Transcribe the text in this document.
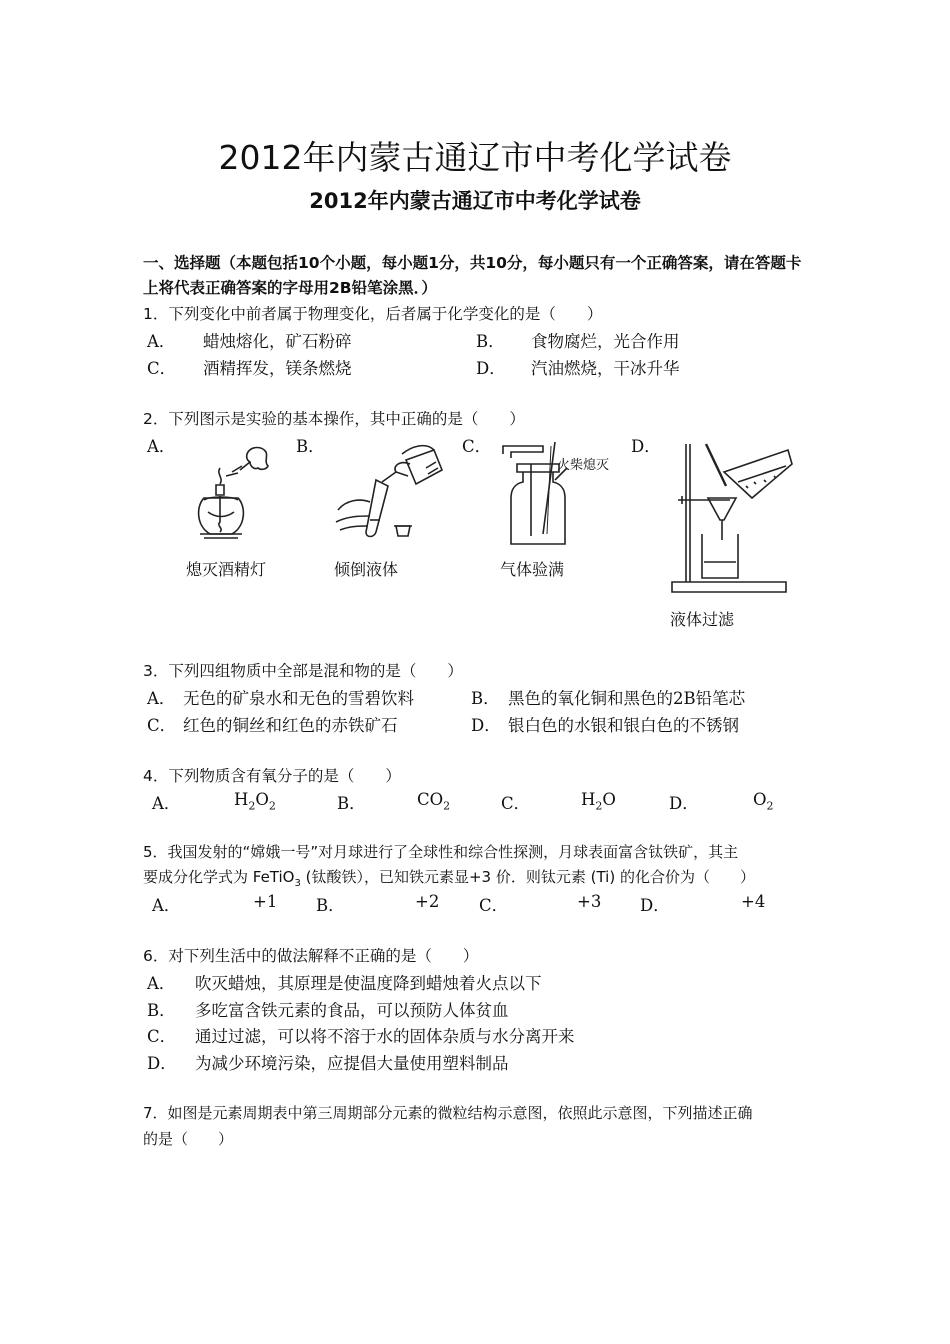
2012年内蒙古通辽市中考化学试卷
2012年内蒙古通辽市中考化学试卷
一、选择题（本题包括10个小题，每小题1分，共10分，每小题只有一个正确答案，请在答题卡上将代表正确答案的字母用2B铅笔涂黑．）
1．下列变化中前者属于物理变化，后者属于化学变化的是（　　）
A． 蜡烛熔化，矿石粉碎	B． 食物腐烂，光合作用
C． 酒精挥发，镁条燃烧	D． 汽油燃烧，干冰升华
2．下列图示是实验的基本操作，其中正确的是（　　）
A．	B．	C．	D．
火柴熄灭
熄灭酒精灯	倾倒液体	气体验满
液体过滤
3．下列四组物质中全部是混和物的是（　　）
A． 无色的矿泉水和无色的雪碧饮料	B． 黑色的氧化铜和黑色的2B铅笔芯
C． 红色的铜丝和红色的赤铁矿石	D． 银白色的水银和银白色的不锈钢
4．下列物质含有氧分子的是（　　）
A．	$H_2O_2$	B．	$CO_2$	C．	$H_2O$	D．	$O_2$
5．我国发射的“嫦娥一号”对月球进行了全球性和综合性探测，月球表面富含钛铁矿，其主
要成分化学式为 FeTiO$_3$ (钛酸铁），已知铁元素显+3 价．则钛元素 (Ti) 的化合价为（　　）
A．	+1 B．	+2 C．	+3 D．	+4
6．对下列生活中的做法解释不正确的是（　　）
A． 吹灭蜡烛，其原理是使温度降到蜡烛着火点以下
B． 多吃富含铁元素的食品，可以预防人体贫血
C． 通过过滤，可以将不溶于水的固体杂质与水分离开来
D． 为减少环境污染，应提倡大量使用塑料制品
7．如图是元素周期表中第三周期部分元素的微粒结构示意图，依照此示意图，下列描述正确
的是（　　）
